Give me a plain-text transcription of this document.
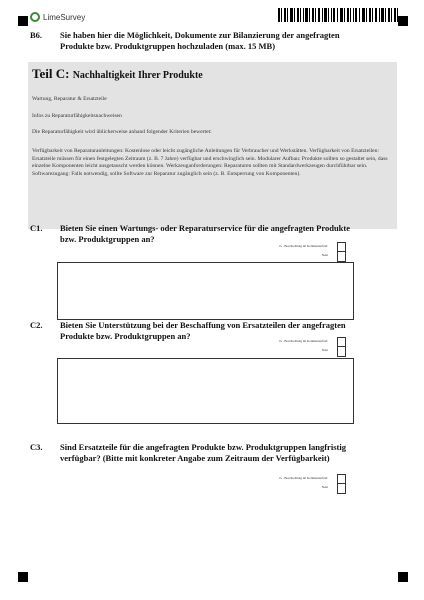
LimeSurvey
B6. Sie haben hier die Möglichkeit, Dokumente zur Bilanzierung der angefragten Produkte bzw. Produktgruppen hochzuladen (max. 15 MB)
Teil C: Nachhaltigkeit Ihrer Produkte
Wartung, Reparatur & Ersatzteile
Infos zu Reparaturfähigkeitsnachweisen
Die Reparaturfähigkeit wird üblicherweise anhand folgender Kriterien bewertet:
Verfügbarkeit von Reparaturanleitungen: Kostenlose oder leicht zugängliche Anleitungen für Verbraucher und Werkstätten. Verfügbarkeit von Ersatzteilen: Ersatzteile müssen für einen festgelegten Zeitraum (z. B. 7 Jahre) verfügbar und erschwinglich sein. Modularer Aufbau: Produkte sollten so gestaltet sein, dass einzelne Komponenten leicht ausgetauscht werden können. Werkzeuganforderungen: Reparaturen sollten mit Standardwerkzeugen durchführbar sein. Softwarezugang: Falls notwendig, sollte Software zur Reparatur zugänglich sein (z. B. Entsperrung von Komponenten).
C1. Bieten Sie einen Wartungs- oder Reparaturservice für die angefragten Produkte bzw. Produktgruppen an?
Ja - Beschreibung im Kommentarfeld:
Nein
C2. Bieten Sie Unterstützung bei der Beschaffung von Ersatzteilen der angefragten Produkte bzw. Produktgruppen an?	Ja - Beschreibung im Kommentarfeld:
Nein
C3. Sind Ersatzteile für die angefragten Produkte bzw. Produktgruppen langfristig verfügbar? (Bitte mit konkreter Angabe zum Zeitraum der Verfügbarkeit)
Ja - Beschreibung im Kommentarfeld:
Nein
